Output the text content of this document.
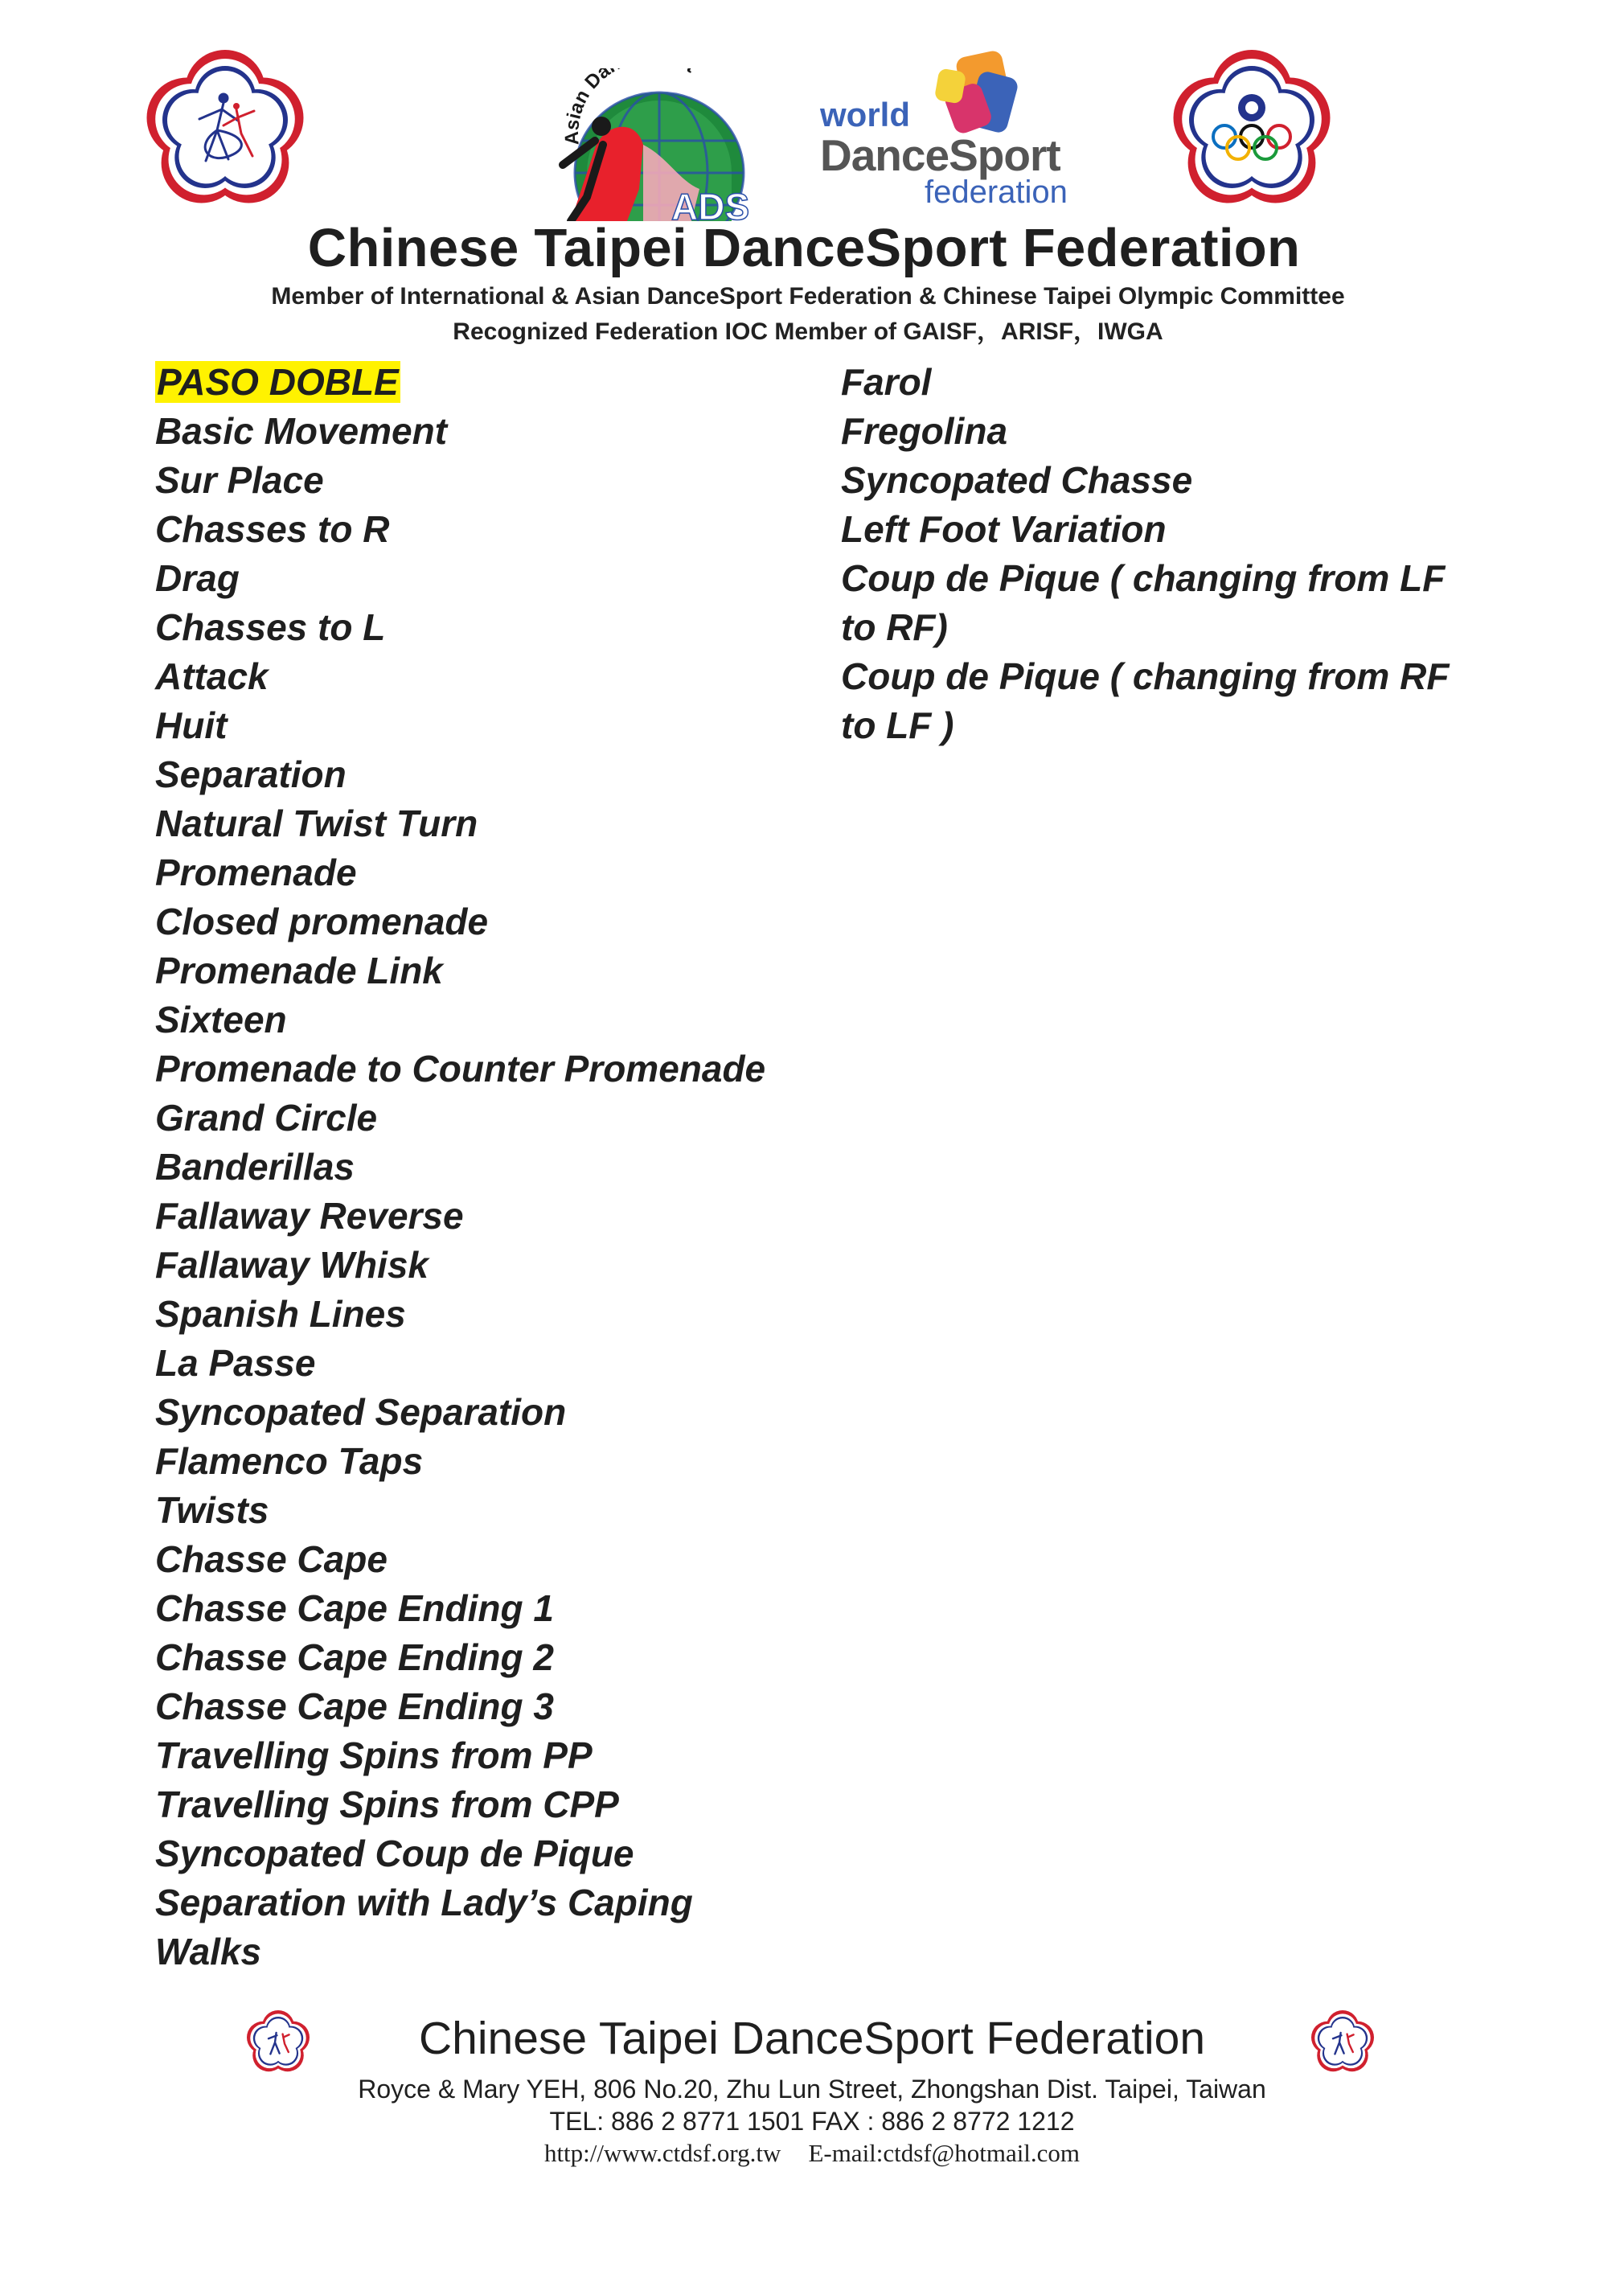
Asian Da
ADS
world
DanceSport
federation
Chinese Taipei DanceSport Federation
Member of International & Asian DanceSport Federation & Chinese Taipei Olympic Committee
Recognized Federation IOC Member of GAISF，ARISF，IWGA
PASO DOBLE
Basic Movement
Sur Place
Chasses to R
Drag
Chasses to L
Attack
Huit
Separation
Natural Twist Turn
Promenade
Closed promenade
Promenade Link
Sixteen
Promenade to Counter Promenade
Grand Circle
Banderillas
Fallaway Reverse
Fallaway Whisk
Spanish Lines
La Passe
Syncopated Separation
Flamenco Taps
Twists
Chasse Cape
Chasse Cape Ending 1
Chasse Cape Ending 2
Chasse Cape Ending 3
Travelling Spins from PP
Travelling Spins from CPP
Syncopated Coup de Pique
Separation with Lady’s Caping
Walks
Farol
Fregolina
Syncopated Chasse
Left Foot Variation
Coup de Pique ( changing from LF to RF)
Coup de Pique ( changing from RF to LF )
Chinese Taipei DanceSport Federation
Royce & Mary YEH, 806 No.20, Zhu Lun Street, Zhongshan Dist. Taipei, Taiwan
TEL: 886 2 8771 1501 FAX : 886 2 8772 1212
http://www.ctdsf.org.tw E-mail:ctdsf@hotmail.com
